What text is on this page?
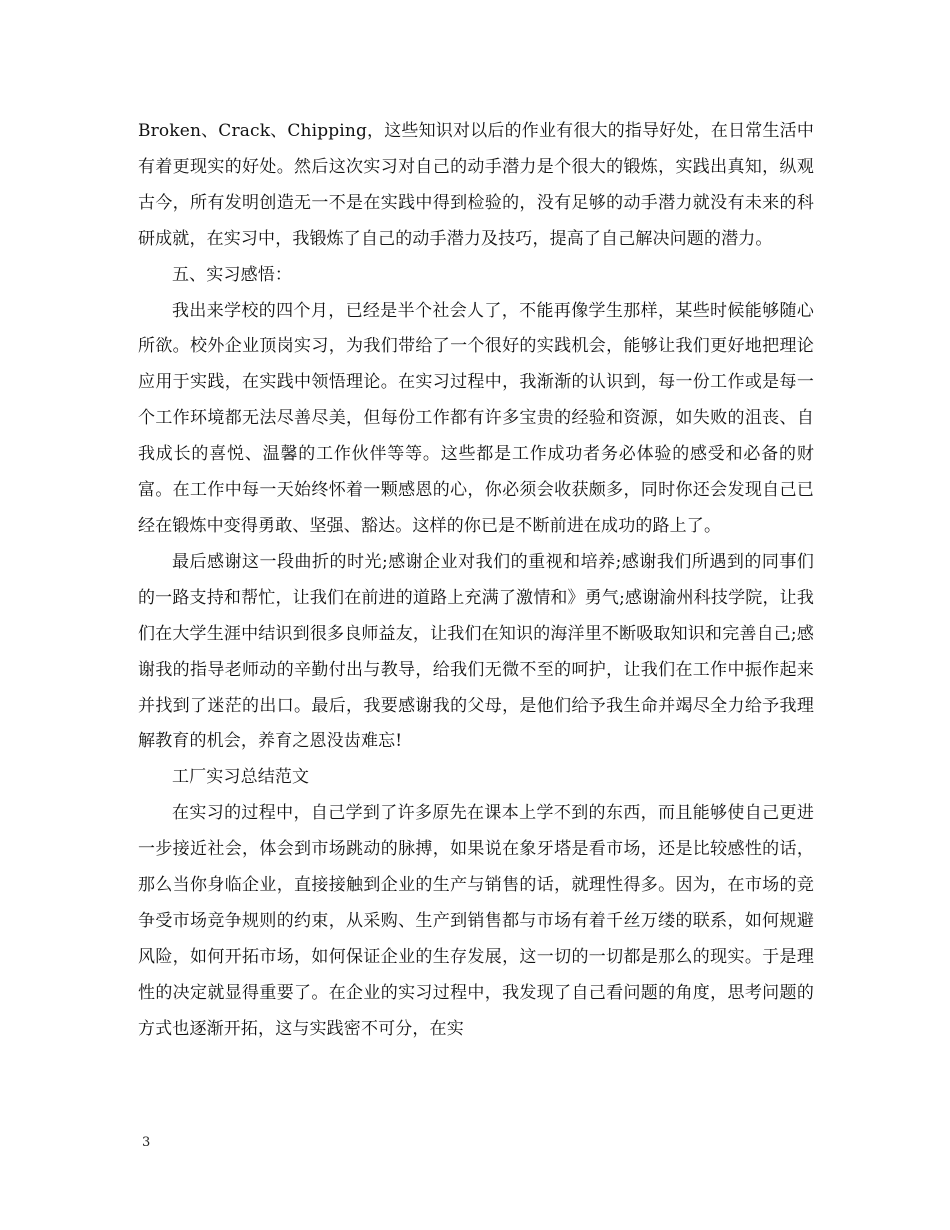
Broken、Crack、Chipping，这些知识对以后的作业有很大的指导好处，在日常生活中有着更现实的好处。然后这次实习对自己的动手潜力是个很大的锻炼，实践出真知，纵观古今，所有发明创造无一不是在实践中得到检验的，没有足够的动手潜力就没有未来的科研成就，在实习中，我锻炼了自己的动手潜力及技巧，提高了自己解决问题的潜力。

五、实习感悟：

我出来学校的四个月，已经是半个社会人了，不能再像学生那样，某些时候能够随心所欲。校外企业顶岗实习，为我们带给了一个很好的实践机会，能够让我们更好地把理论应用于实践，在实践中领悟理论。在实习过程中，我渐渐的认识到，每一份工作或是每一个工作环境都无法尽善尽美，但每份工作都有许多宝贵的经验和资源，如失败的沮丧、自我成长的喜悦、温馨的工作伙伴等等。这些都是工作成功者务必体验的感受和必备的财富。在工作中每一天始终怀着一颗感恩的心，你必须会收获颇多，同时你还会发现自己已经在锻炼中变得勇敢、坚强、豁达。这样的你已是不断前进在成功的路上了。

最后感谢这一段曲折的时光;感谢企业对我们的重视和培养;感谢我们所遇到的同事们的一路支持和帮忙，让我们在前进的道路上充满了激情和》勇气;感谢渝州科技学院，让我们在大学生涯中结识到很多良师益友，让我们在知识的海洋里不断吸取知识和完善自己;感谢我的指导老师动的辛勤付出与教导，给我们无微不至的呵护，让我们在工作中振作起来并找到了迷茫的出口。最后，我要感谢我的父母，是他们给予我生命并竭尽全力给予我理解教育的机会，养育之恩没齿难忘!

工厂实习总结范文

在实习的过程中，自己学到了许多原先在课本上学不到的东西，而且能够使自己更进一步接近社会，体会到市场跳动的脉搏，如果说在象牙塔是看市场，还是比较感性的话，那么当你身临企业，直接接触到企业的生产与销售的话，就理性得多。因为，在市场的竞争受市场竞争规则的约束，从采购、生产到销售都与市场有着千丝万缕的联系，如何规避风险，如何开拓市场，如何保证企业的生存发展，这一切的一切都是那么的现实。于是理性的决定就显得重要了。在企业的实习过程中，我发现了自己看问题的角度，思考问题的方式也逐渐开拓，这与实践密不可分，在实

3
